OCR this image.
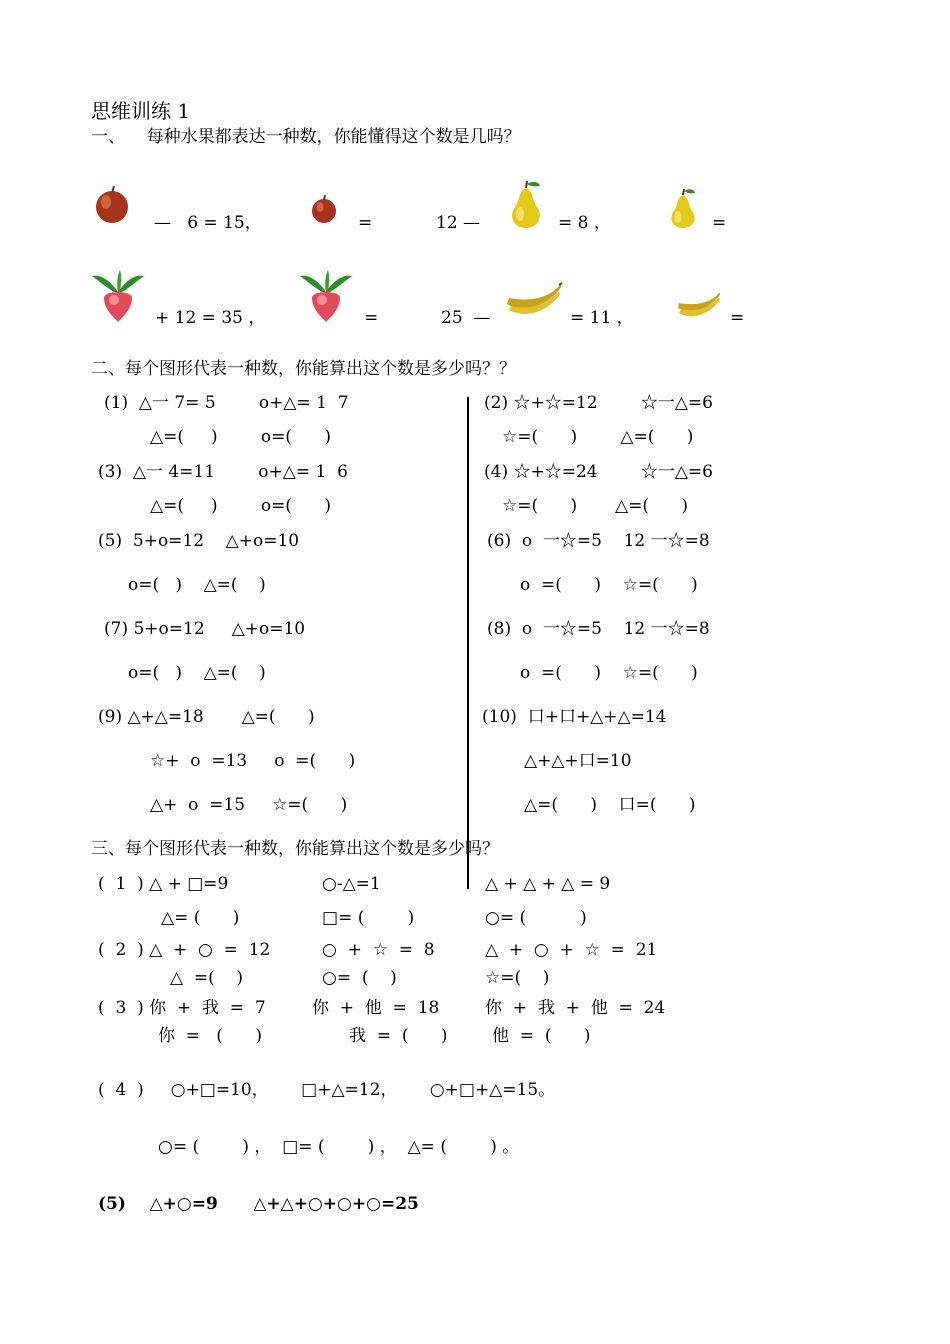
思维训练 1
一、    每种水果都表达一种数，你能懂得这个数是几吗？
—   6 = 15，	=	12 —	= 8 ，	=
+ 12 = 35 ，	=	25  —	= 11 ，	=
二、每个图形代表一种数，你能算出这个数是多少吗？？
(1)  △一 7= 5        o+△= 1  7
△=(     )        o=(      )
(2) ☆+☆=12        ☆一△=6
☆=(      )        △=(      )
(3)  △一 4=11        o+△= 1  6
△=(     )        o=(      )
(4) ☆+☆=24        ☆一△=6
☆=(      )       △=(      )
(5)  5+o=12    △+o=10
o=(   )    △=(    )
(6)  o  一☆=5    12 一☆=8
o  =(      )    ☆=(      )
(7) 5+o=12     △+o=10
o=(   )    △=(    )
(8)  o  一☆=5    12 一☆=8
o  =(      )    ☆=(      )
(9) △+△=18       △=(      )
☆+  o  =13     o  =(      )
△+  o  =15     ☆=(      )
(10)  口+口+△+△=14
△+△+口=10
△=(      )    口=(      )
三、每个图形代表一种数，你能算出这个数是多少吗？
(  1  ) △ + □=9	○-△=1	△ + △ + △ = 9
△= (      )	□= (        )	○= (          )
(  2  ) △  +  ○  =  12	○  +  ☆  =  8	△  +  ○  +  ☆  =  21
△  =(    )	○=  (    )	☆=(    )
(  3  ) 你  +  我  =  7	你  +  他  =  18	你  +  我  +  他  =  24
你  =   (      )	我  =  (      )	他  =  (      )
(  4  )     ○+□=10，      □+△=12，      ○+□+△=15。
○= (        ) ，  □= (        ) ，  △= (        ) 。
(5)    △+○=9      △+△+○+○+○=25
